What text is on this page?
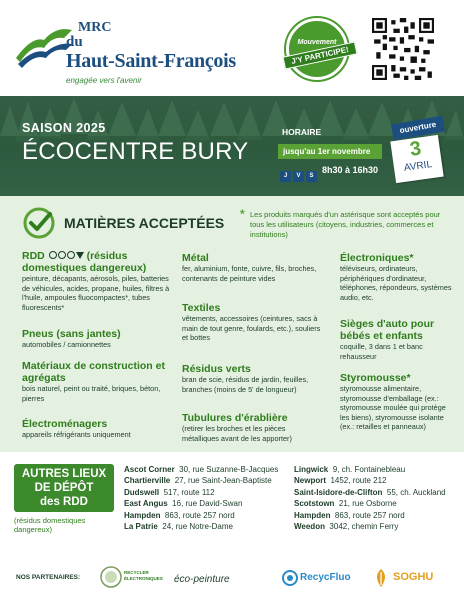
MRC
du
Haut-Saint-François
engagée vers l'avenir
Mouvement
J'Y PARTICIPE!
SAISON 2025
ÉCOCENTRE BURY
HORAIRE
jusqu'au 1er novembre
J V S
8h30 à 16h30
ouverture
3
AVRIL
MATIÈRES ACCEPTÉES
* Les produits marqués d'un astérisque sont acceptés pour tous les utilisateurs (citoyens, industries, commerces et institutions)
RDD	(résidus domestiques dangereux)

peinture, décapants, aérosols, piles, batteries de véhicules, acides, propane, huiles, filtres à l'huile, ampoules fluocompactes*, tubes fluorescents*

Pneus (sans jantes)

automobiles / camionnettes

Matériaux de construction et agrégats

bois naturel, peint ou traité, briques, béton, pierres

Électroménagers

appareils réfrigérants uniquement

Métal

fer, aluminium, fonte, cuivre, fils, broches, contenants de peinture vides

Textiles

vêtements, accessoires (ceintures, sacs à main de tout genre, foulards, etc.), souliers et bottes

Résidus verts

bran de scie, résidus de jardin, feuilles, branches (moins de 5' de longueur)

Tubulures d'érablière

(retirer les broches et les pièces métalliques avant de les apporter)

Électroniques*

téléviseurs, ordinateurs, périphériques d'ordinateur, téléphones, répondeurs, systèmes audio, etc.

Sièges d'auto pour bébés et enfants

coquille, 3 dans 1 et banc rehausseur

Styromousse*

styromousse alimentaire, styromousse d'emballage (ex.: styromousse moulée qui protège les biens), styromousse isolante (ex.: retailles et panneaux)

AUTRES LIEUX
DE DÉPÔT
des RDD
(résidus domestiques dangereux)
Ascot Corner 30, rue Suzanne-B-Jacques
Chartierville 27, rue Saint-Jean-Baptiste
Dudswell 517, route 112
East Angus 16, rue David-Swan
Hampden 863, route 257 nord
La Patrie 24, rue Notre-Dame
Lingwick 9, ch. Fontainebleau
Newport 1452, route 212
Saint-Isidore-de-Clifton 55, ch. Auckland
Scotstown 21, rue Osborne
Hampden 863, route 257 nord
Weedon 3042, chemin Ferry
NOS PARTENAIRES:
RECYCLER ÉLECTRONIQUES	éco-peinture	RecycFluo	SOGHU
